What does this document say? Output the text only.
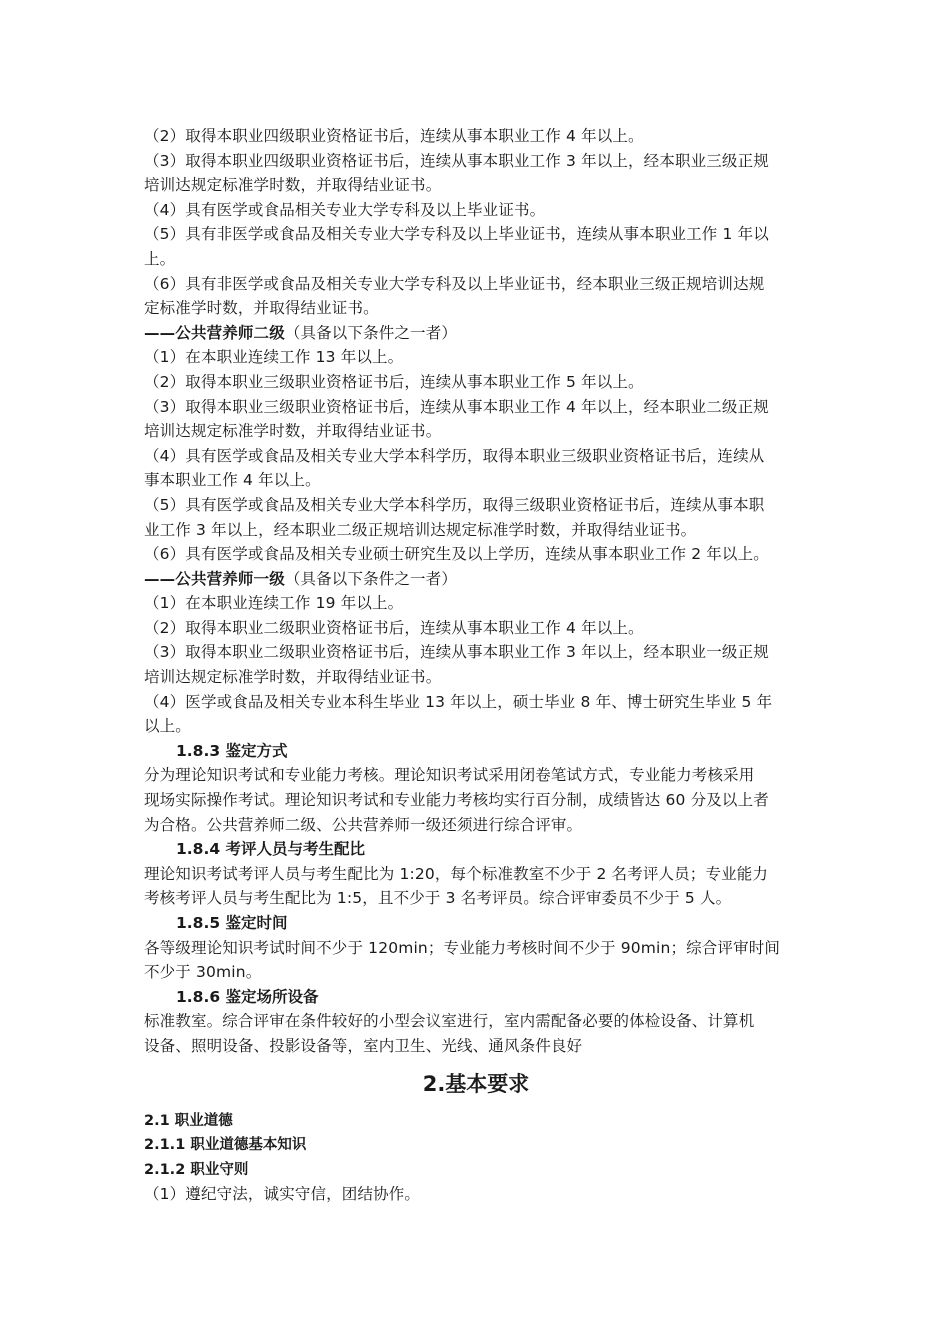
（2）取得本职业四级职业资格证书后，连续从事本职业工作 4 年以上。
（3）取得本职业四级职业资格证书后，连续从事本职业工作 3 年以上，经本职业三级正规
培训达规定标准学时数，并取得结业证书。
（4）具有医学或食品相关专业大学专科及以上毕业证书。
（5）具有非医学或食品及相关专业大学专科及以上毕业证书，连续从事本职业工作 1 年以
上。
（6）具有非医学或食品及相关专业大学专科及以上毕业证书，经本职业三级正规培训达规
定标准学时数，并取得结业证书。
——公共营养师二级（具备以下条件之一者）
（1）在本职业连续工作 13 年以上。
（2）取得本职业三级职业资格证书后，连续从事本职业工作 5 年以上。
（3）取得本职业三级职业资格证书后，连续从事本职业工作 4 年以上，经本职业二级正规
培训达规定标准学时数，并取得结业证书。
（4）具有医学或食品及相关专业大学本科学历，取得本职业三级职业资格证书后，连续从
事本职业工作 4 年以上。
（5）具有医学或食品及相关专业大学本科学历，取得三级职业资格证书后，连续从事本职
业工作 3 年以上，经本职业二级正规培训达规定标准学时数，并取得结业证书。
（6）具有医学或食品及相关专业硕士研究生及以上学历，连续从事本职业工作 2 年以上。
——公共营养师一级（具备以下条件之一者）
（1）在本职业连续工作 19 年以上。
（2）取得本职业二级职业资格证书后，连续从事本职业工作 4 年以上。
（3）取得本职业二级职业资格证书后，连续从事本职业工作 3 年以上，经本职业一级正规
培训达规定标准学时数，并取得结业证书。
（4）医学或食品及相关专业本科生毕业 13 年以上，硕士毕业 8 年、博士研究生毕业 5 年
以上。
1.8.3 鉴定方式
分为理论知识考试和专业能力考核。理论知识考试采用闭卷笔试方式，专业能力考核采用
现场实际操作考试。理论知识考试和专业能力考核均实行百分制，成绩皆达 60 分及以上者
为合格。公共营养师二级、公共营养师一级还须进行综合评审。
1.8.4 考评人员与考生配比
理论知识考试考评人员与考生配比为 1:20，每个标准教室不少于 2 名考评人员；专业能力
考核考评人员与考生配比为 1:5，且不少于 3 名考评员。综合评审委员不少于 5 人。
1.8.5 鉴定时间
各等级理论知识考试时间不少于 120min；专业能力考核时间不少于 90min；综合评审时间
不少于 30min。
1.8.6 鉴定场所设备
标准教室。综合评审在条件较好的小型会议室进行，室内需配备必要的体检设备、计算机
设备、照明设备、投影设备等，室内卫生、光线、通风条件良好
2.基本要求
2.1 职业道德
2.1.1 职业道德基本知识
2.1.2 职业守则
（1）遵纪守法，诚实守信，团结协作。
